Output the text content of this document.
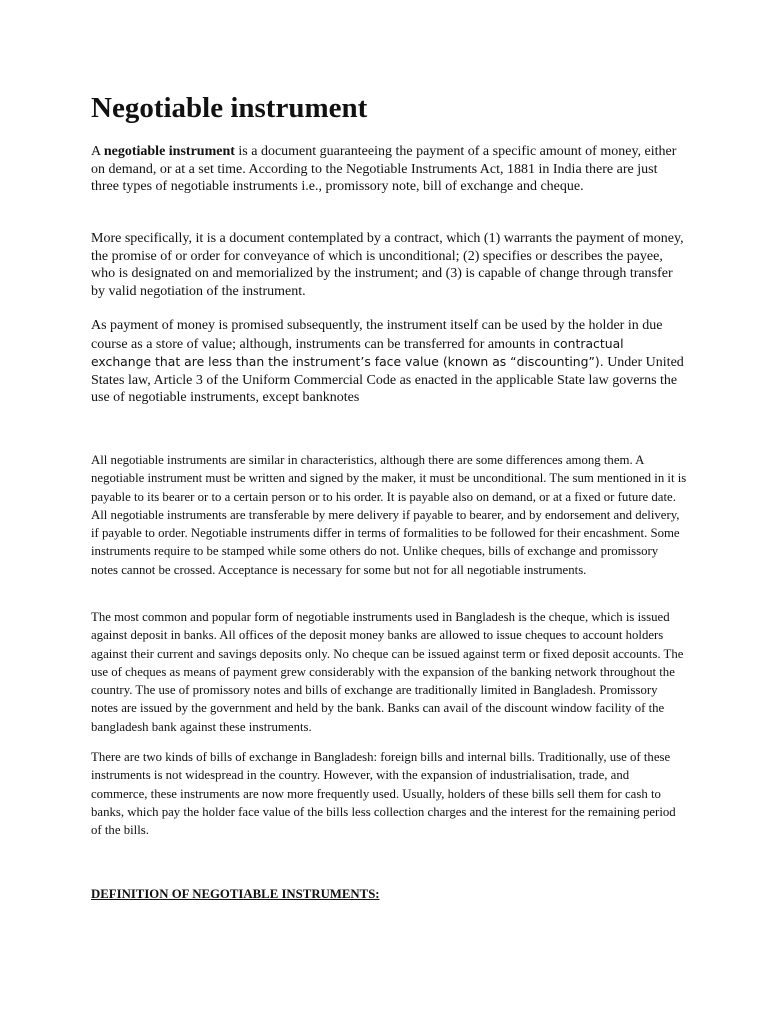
Negotiable instrument

A negotiable instrument is a document guaranteeing the payment of a specific amount of money, either on demand, or at a set time. According to the Negotiable Instruments Act, 1881 in India there are just three types of negotiable instruments i.e., promissory note, bill of exchange and cheque.

More specifically, it is a document contemplated by a contract, which (1) warrants the payment of money, the promise of or order for conveyance of which is unconditional; (2) specifies or describes the payee, who is designated on and memorialized by the instrument; and (3) is capable of change through transfer by valid negotiation of the instrument.

As payment of money is promised subsequently, the instrument itself can be used by the holder in due course as a store of value; although, instruments can be transferred for amounts in contractual exchange that are less than the instrument’s face value (known as “discounting”). Under United States law, Article 3 of the Uniform Commercial Code as enacted in the applicable State law governs the use of negotiable instruments, except banknotes

All negotiable instruments are similar in characteristics, although there are some differences among them. A negotiable instrument must be written and signed by the maker, it must be unconditional. The sum mentioned in it is payable to its bearer or to a certain person or to his order. It is payable also on demand, or at a fixed or future date. All negotiable instruments are transferable by mere delivery if payable to bearer, and by endorsement and delivery, if payable to order. Negotiable instruments differ in terms of formalities to be followed for their encashment. Some instruments require to be stamped while some others do not. Unlike cheques, bills of exchange and promissory notes cannot be crossed. Acceptance is necessary for some but not for all negotiable instruments.

The most common and popular form of negotiable instruments used in Bangladesh is the cheque, which is issued against deposit in banks. All offices of the deposit money banks are allowed to issue cheques to account holders against their current and savings deposits only. No cheque can be issued against term or fixed deposit accounts. The use of cheques as means of payment grew considerably with the expansion of the banking network throughout the country. The use of promissory notes and bills of exchange are traditionally limited in Bangladesh. Promissory notes are issued by the government and held by the bank. Banks can avail of the discount window facility of the bangladesh bank against these instruments.

There are two kinds of bills of exchange in Bangladesh: foreign bills and internal bills. Traditionally, use of these instruments is not widespread in the country. However, with the expansion of industrialisation, trade, and commerce, these instruments are now more frequently used. Usually, holders of these bills sell them for cash to banks, which pay the holder face value of the bills less collection charges and the interest for the remaining period of the bills.

DEFINITION OF NEGOTIABLE INSTRUMENTS:
